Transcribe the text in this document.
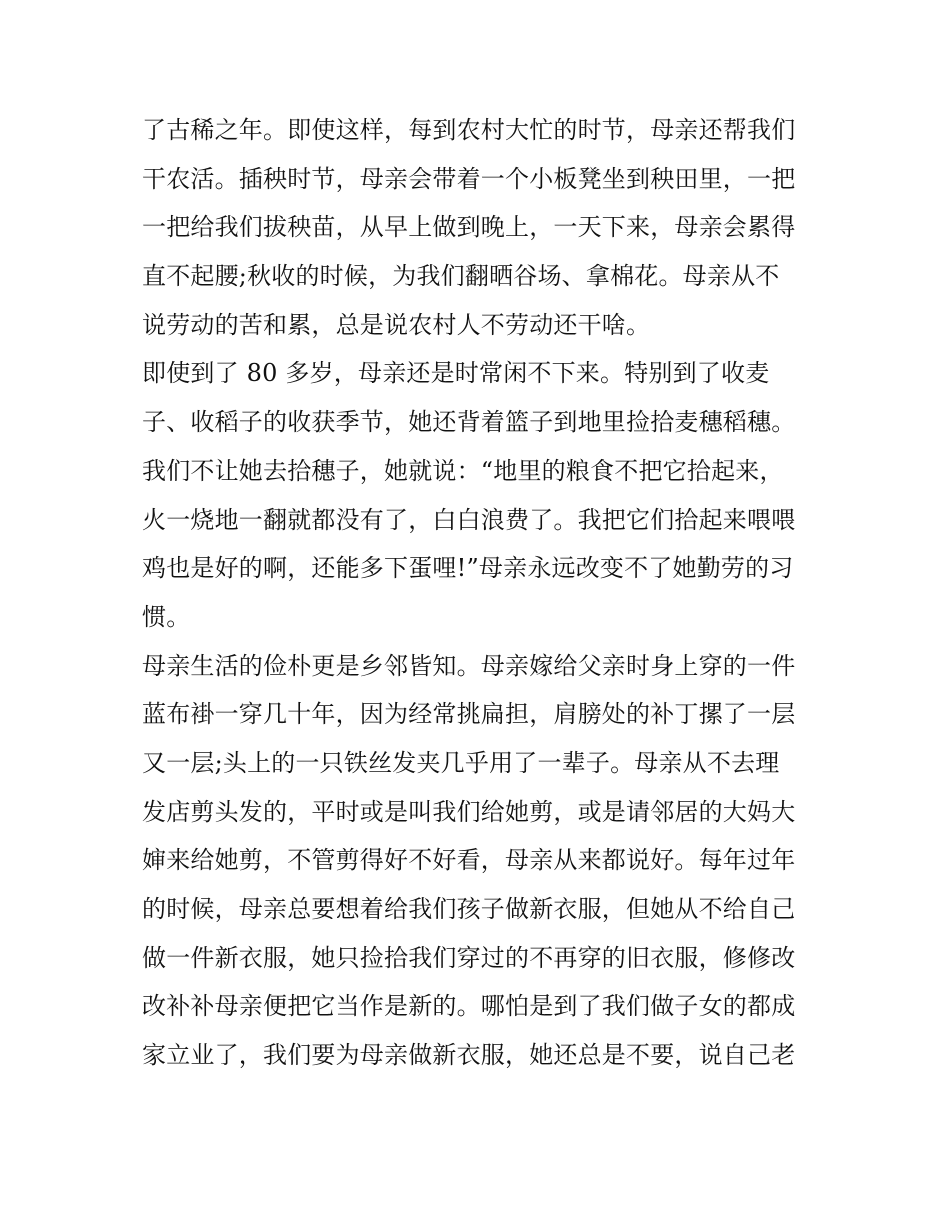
了古稀之年。即使这样，每到农村大忙的时节，母亲还帮我们
干农活。插秧时节，母亲会带着一个小板凳坐到秧田里，一把
一把给我们拔秧苗，从早上做到晚上，一天下来，母亲会累得
直不起腰;秋收的时候，为我们翻晒谷场、拿棉花。母亲从不
说劳动的苦和累，总是说农村人不劳动还干啥。
即使到了 80 多岁，母亲还是时常闲不下来。特别到了收麦
子、收稻子的收获季节，她还背着篮子到地里捡拾麦穗稻穗。
我们不让她去拾穗子，她就说：“地里的粮食不把它拾起来，
火一烧地一翻就都没有了，白白浪费了。我把它们拾起来喂喂
鸡也是好的啊，还能多下蛋哩!”母亲永远改变不了她勤劳的习
惯。
母亲生活的俭朴更是乡邻皆知。母亲嫁给父亲时身上穿的一件
蓝布褂一穿几十年，因为经常挑扁担，肩膀处的补丁摞了一层
又一层;头上的一只铁丝发夹几乎用了一辈子。母亲从不去理
发店剪头发的，平时或是叫我们给她剪，或是请邻居的大妈大
婶来给她剪，不管剪得好不好看，母亲从来都说好。每年过年
的时候，母亲总要想着给我们孩子做新衣服，但她从不给自己
做一件新衣服，她只捡拾我们穿过的不再穿的旧衣服，修修改
改补补母亲便把它当作是新的。哪怕是到了我们做子女的都成
家立业了，我们要为母亲做新衣服，她还总是不要，说自己老
